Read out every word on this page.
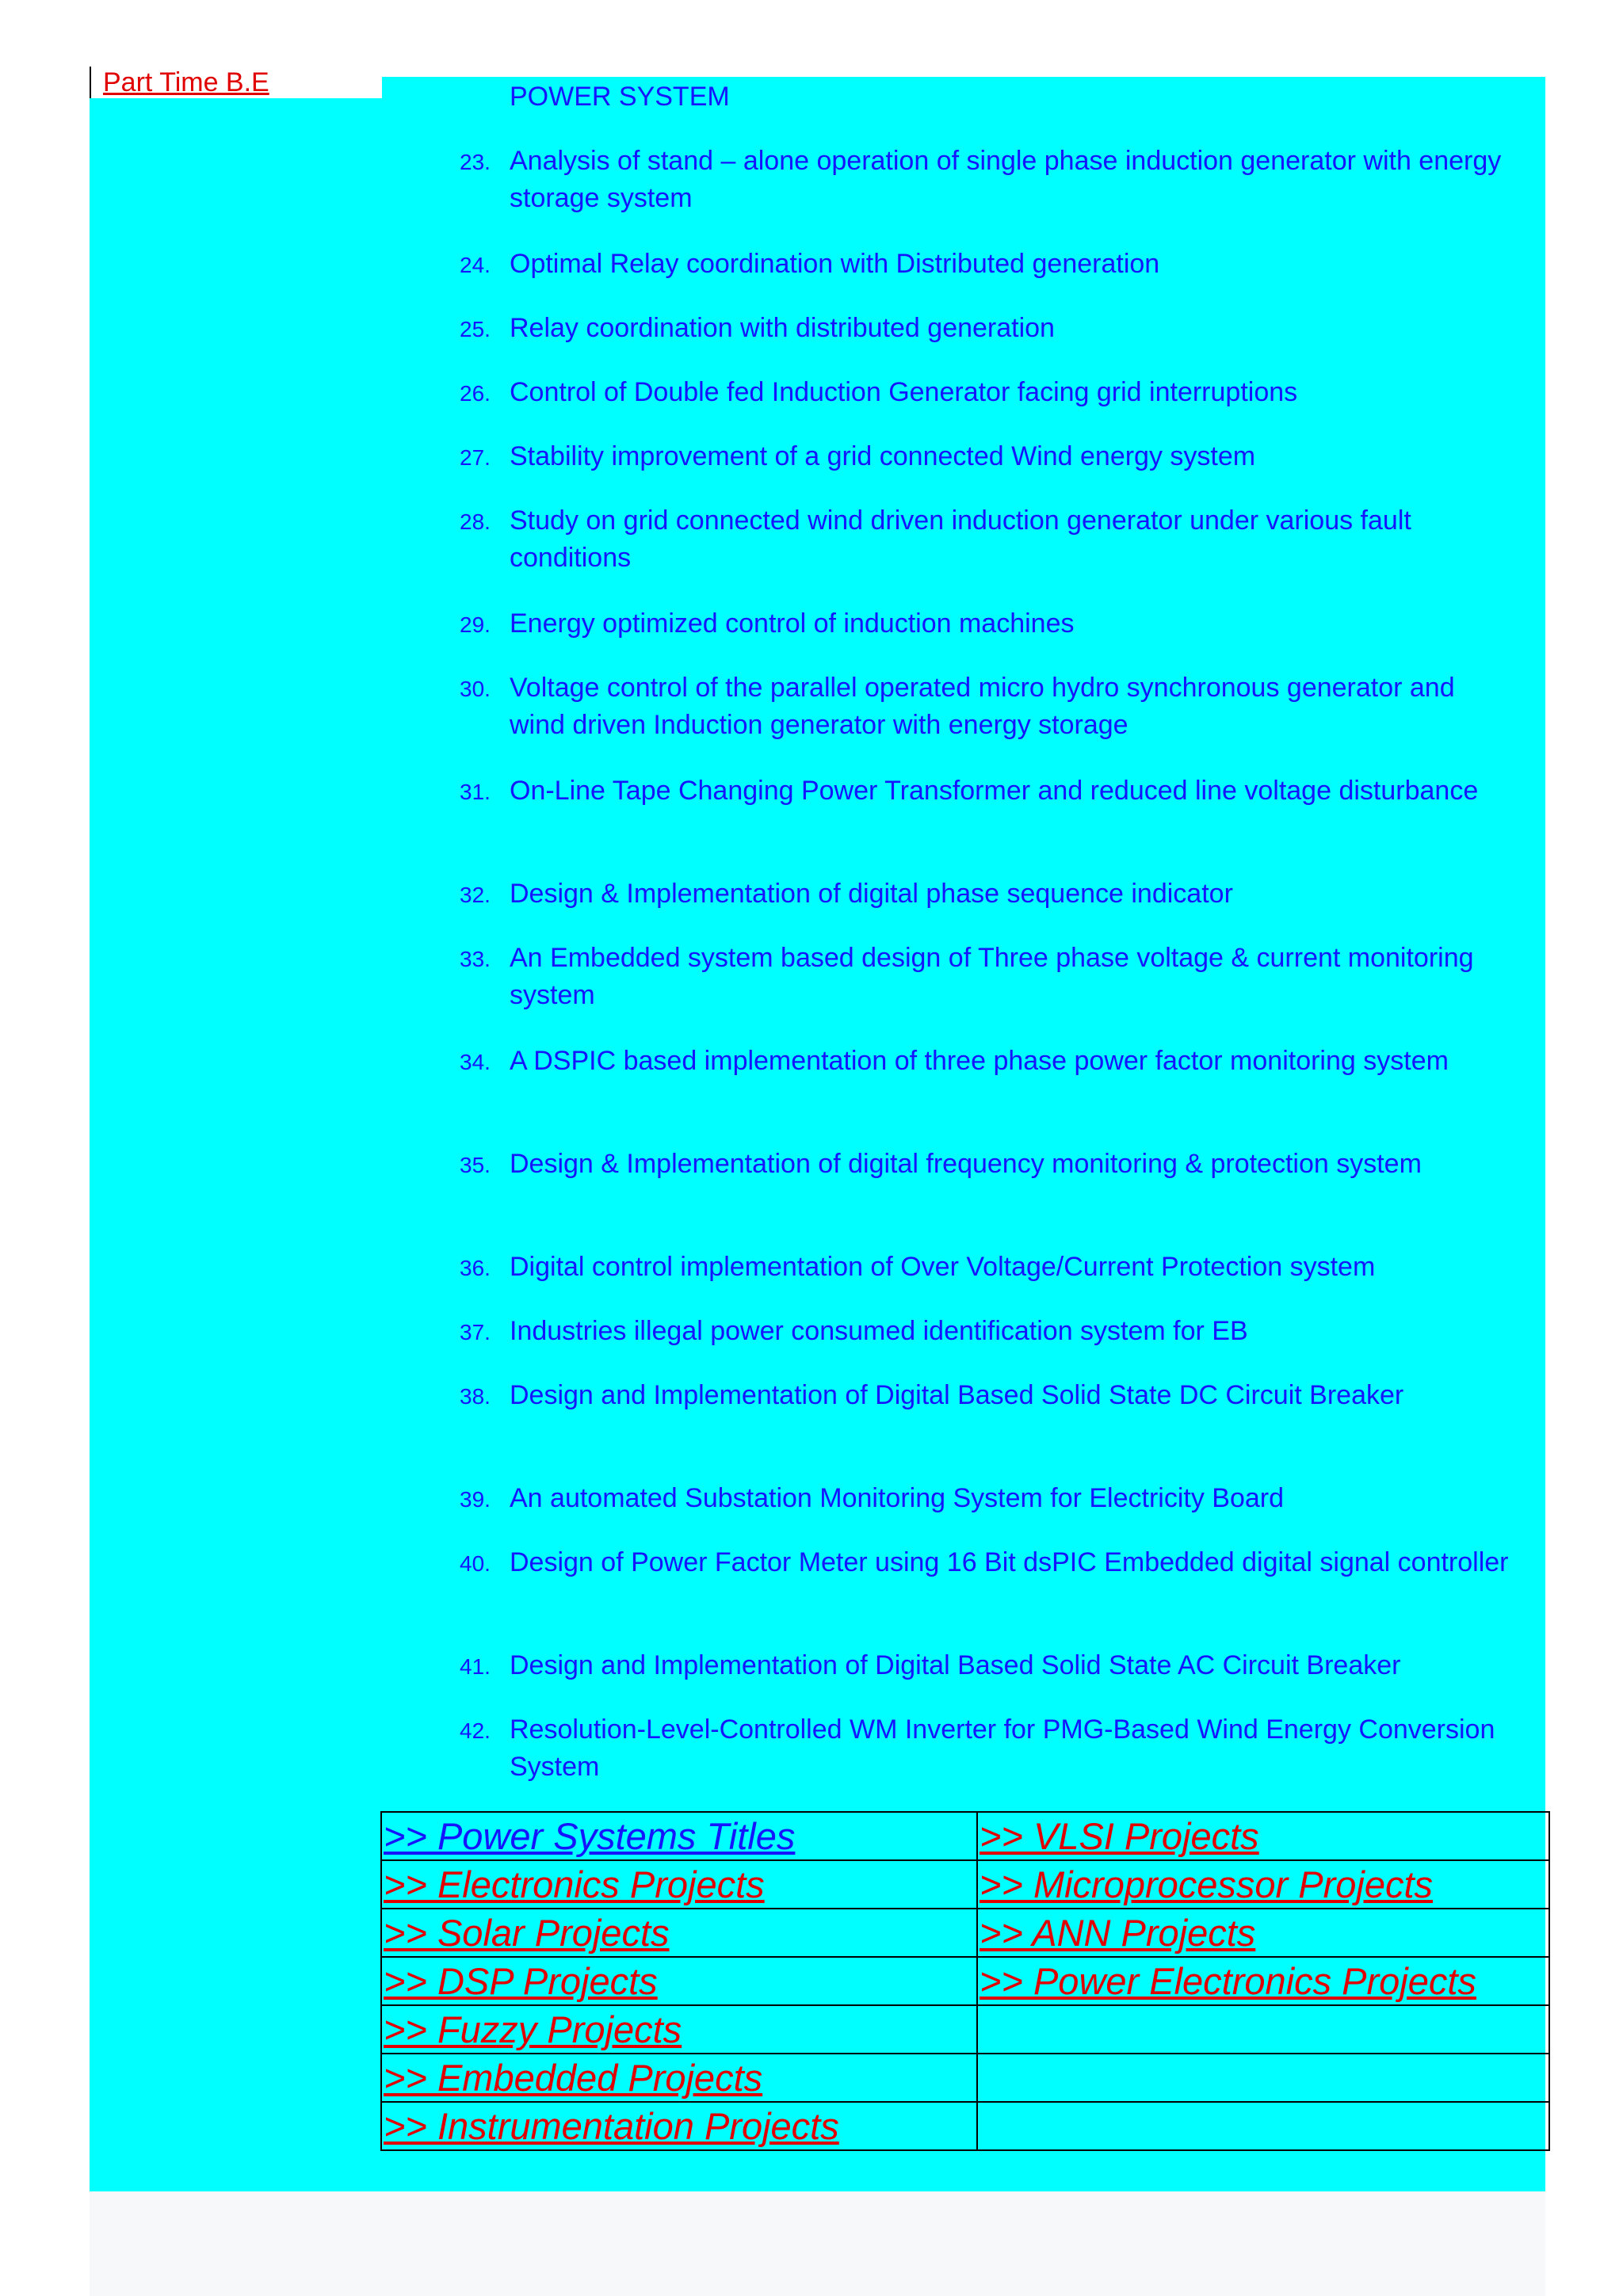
Part Time B.E	POWER SYSTEM
23. Analysis of stand – alone operation of single phase induction generator with energy storage system
24. Optimal Relay coordination with Distributed generation
25. Relay coordination with distributed generation
26. Control of Double fed Induction Generator facing grid interruptions
27. Stability improvement of a grid connected Wind energy system
28. Study on grid connected wind driven induction generator under various fault conditions
29. Energy optimized control of induction machines
30. Voltage control of the parallel operated micro hydro synchronous generator and wind driven Induction generator with energy storage
31. On-Line Tape Changing Power Transformer and reduced line voltage disturbance
32. Design & Implementation of digital phase sequence indicator
33. An Embedded system based design of Three phase voltage & current monitoring system
34. A DSPIC based implementation of three phase power factor monitoring system
35. Design & Implementation of digital frequency monitoring & protection system
36. Digital control implementation of Over Voltage/Current Protection system
37. Industries illegal power consumed identification system for EB
38. Design and Implementation of Digital Based Solid State DC Circuit Breaker
39. An automated Substation Monitoring System for Electricity Board
40. Design of Power Factor Meter using 16 Bit dsPIC Embedded digital signal controller
41. Design and Implementation of Digital Based Solid State AC Circuit Breaker
42. Resolution-Level-Controlled WM Inverter for PMG-Based Wind Energy Conversion System
>> Power Systems Titles	>> VLSI Projects
>> Electronics Projects	>> Microprocessor Projects
>> Solar Projects	>> ANN Projects
>> DSP Projects	>> Power Electronics Projects
>> Fuzzy Projects	
>> Embedded Projects	
>> Instrumentation Projects	
